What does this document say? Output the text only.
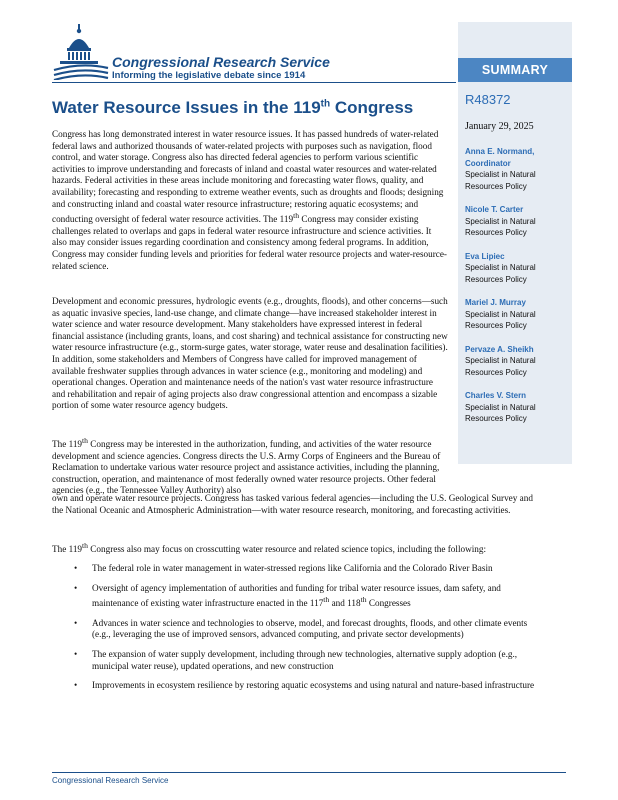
Congressional Research Service
Informing the legislative debate since 1914	SUMMARY
R48372
January 29, 2025
Anna E. Normand,
Coordinator
Specialist in Natural Resources Policy
Nicole T. Carter
Specialist in Natural Resources Policy
Eva Lipiec
Specialist in Natural Resources Policy
Mariel J. Murray
Specialist in Natural Resources Policy
Pervaze A. Sheikh
Specialist in Natural Resources Policy
Charles V. Stern
Specialist in Natural Resources Policy
Water Resource Issues in the 119th Congress

Congress has long demonstrated interest in water resource issues. It has passed hundreds of water-related federal laws and authorized thousands of water-related projects with purposes such as navigation, flood control, and water storage. Congress also has directed federal agencies to perform various scientific activities to improve understanding and forecasts of inland and coastal water resources and water-related hazards. Federal activities in these areas include monitoring and forecasting water flows, quality, and availability; forecasting and responding to extreme weather events, such as droughts and floods; designing and constructing inland and coastal water resource infrastructure; restoring aquatic ecosystems; and conducting oversight of federal water resource activities. The 119th Congress may consider existing challenges related to overlaps and gaps in federal water resource infrastructure and science activities. It also may consider issues regarding coordination and consistency among federal programs. In addition, Congress may consider funding levels and priorities for federal water resource projects and water-resource-related science.

Development and economic pressures, hydrologic events (e.g., droughts, floods), and other concerns—such as aquatic invasive species, land-use change, and climate change—have increased stakeholder interest in water science and water resource development. Many stakeholders have expressed interest in federal financial assistance (including grants, loans, and cost sharing) and technical assistance for constructing new water resource infrastructure (e.g., storm-surge gates, water storage, water reuse and desalination facilities). In addition, some stakeholders and Members of Congress have called for improved management of available freshwater supplies through advances in water science (e.g., monitoring and modeling) and operational changes. Operation and maintenance needs of the nation's vast water resource infrastructure and rehabilitation and repair of aging projects also draw congressional attention and encompass a sizable portion of some water resource agency budgets.

The 119th Congress may be interested in the authorization, funding, and activities of the water resource development and science agencies. Congress directs the U.S. Army Corps of Engineers and the Bureau of Reclamation to undertake various water resource project and assistance activities, including the planning, construction, operation, and maintenance of most federally owned water resource projects. Other federal agencies (e.g., the Tennessee Valley Authority) also

own and operate water resource projects. Congress has tasked various federal agencies—including the U.S. Geological Survey and the National Oceanic and Atmospheric Administration—with water resource research, monitoring, and forecasting activities.

The 119th Congress also may focus on crosscutting water resource and related science topics, including the following:

• The federal role in water management in water-stressed regions like California and the Colorado River Basin
• Oversight of agency implementation of authorities and funding for tribal water resource issues, dam safety, and maintenance of existing water infrastructure enacted in the 117th and 118th Congresses
• Advances in water science and technologies to observe, model, and forecast droughts, floods, and other climate events (e.g., leveraging the use of improved sensors, advanced computing, and private sector developments)
• The expansion of water supply development, including through new technologies, alternative supply adoption (e.g., municipal water reuse), updated operations, and new construction
• Improvements in ecosystem resilience by restoring aquatic ecosystems and using natural and nature-based infrastructure
Congressional Research Service
